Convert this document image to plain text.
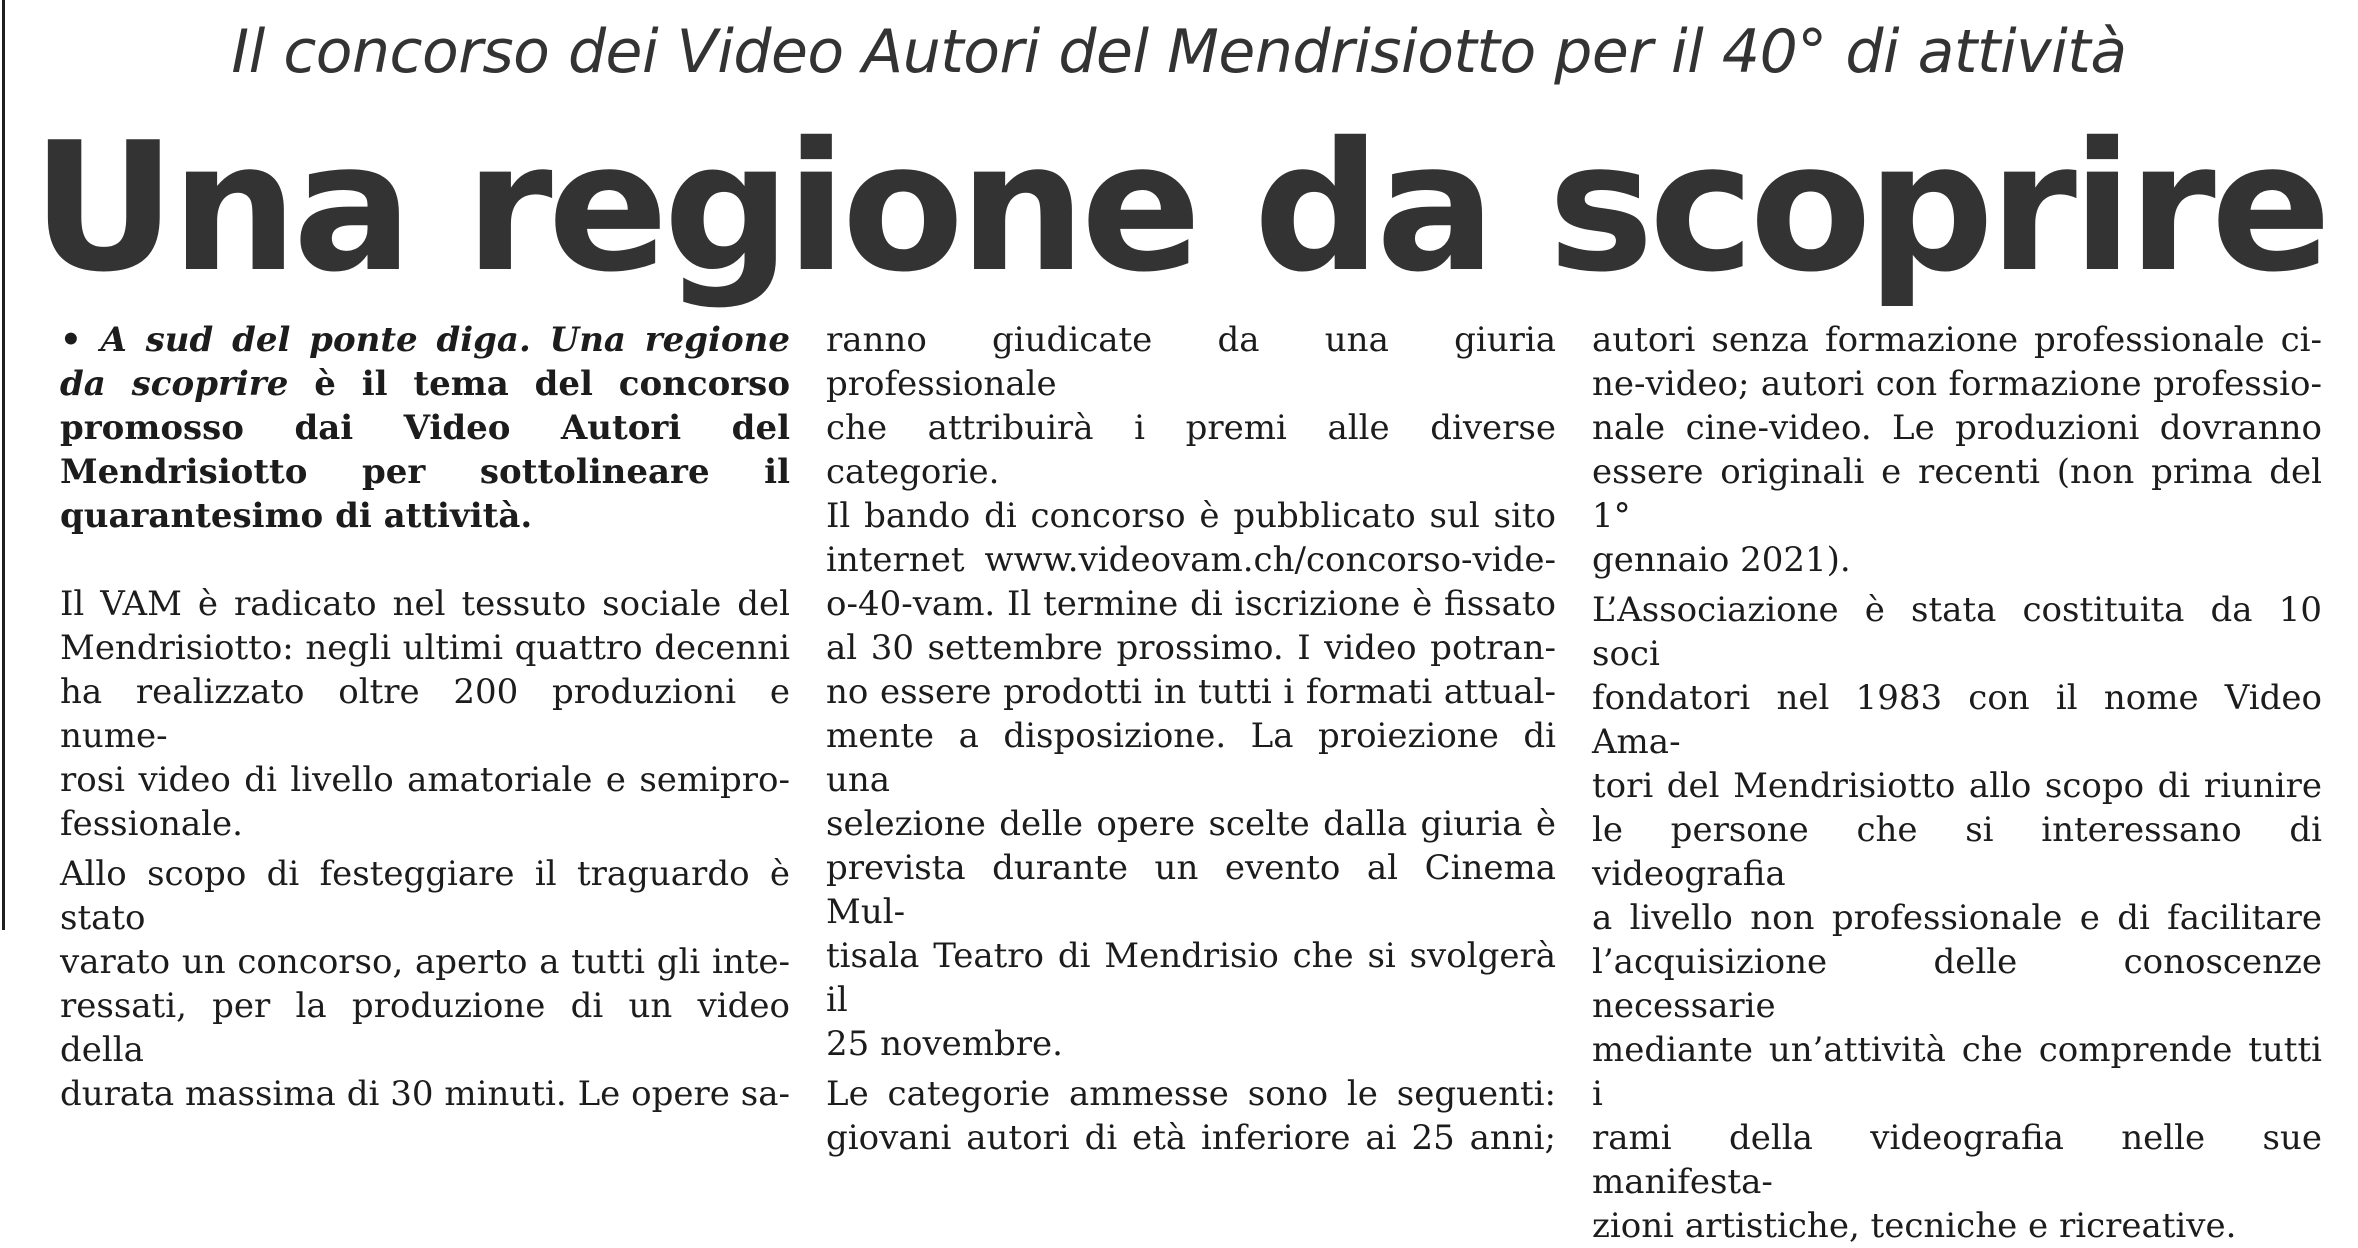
Il concorso dei Video Autori del Mendrisiotto per il 40° di attività
Una regione da scoprire

• A sud del ponte diga. Una regione da scoprire è il tema del concorso promosso dai Video Autori del Mendrisiotto per sottolineare il quarantesimo di attività.

Il VAM è radicato nel tessuto sociale del
Mendrisiotto: negli ultimi quattro decenni
ha realizzato oltre 200 produzioni e nume-
rosi video di livello amatoriale e semipro-
fessionale.

Allo scopo di festeggiare il traguardo è stato
varato un concorso, aperto a tutti gli inte-
ressati, per la produzione di un video della
durata massima di 30 minuti. Le opere sa-

ranno giudicate da una giuria professionale
che attribuirà i premi alle diverse categorie.
Il bando di concorso è pubblicato sul sito
internet www.videovam.ch/concorso-vide-
o-40-vam. Il termine di iscrizione è fissato
al 30 settembre prossimo. I video potran-
no essere prodotti in tutti i formati attual-
mente a disposizione. La proiezione di una
selezione delle opere scelte dalla giuria è
prevista durante un evento al Cinema Mul-
tisala Teatro di Mendrisio che si svolgerà il
25 novembre.

Le categorie ammesse sono le seguenti:
giovani autori di età inferiore ai 25 anni;

autori senza formazione professionale ci-
ne-video; autori con formazione professio-
nale cine-video. Le produzioni dovranno
essere originali e recenti (non prima del 1°
gennaio 2021).

L’Associazione è stata costituita da 10 soci
fondatori nel 1983 con il nome Video Ama-
tori del Mendrisiotto allo scopo di riunire
le persone che si interessano di videografia
a livello non professionale e di facilitare
l’acquisizione delle conoscenze necessarie
mediante un’attività che comprende tutti i
rami della videografia nelle sue manifesta-
zioni artistiche, tecniche e ricreative.
